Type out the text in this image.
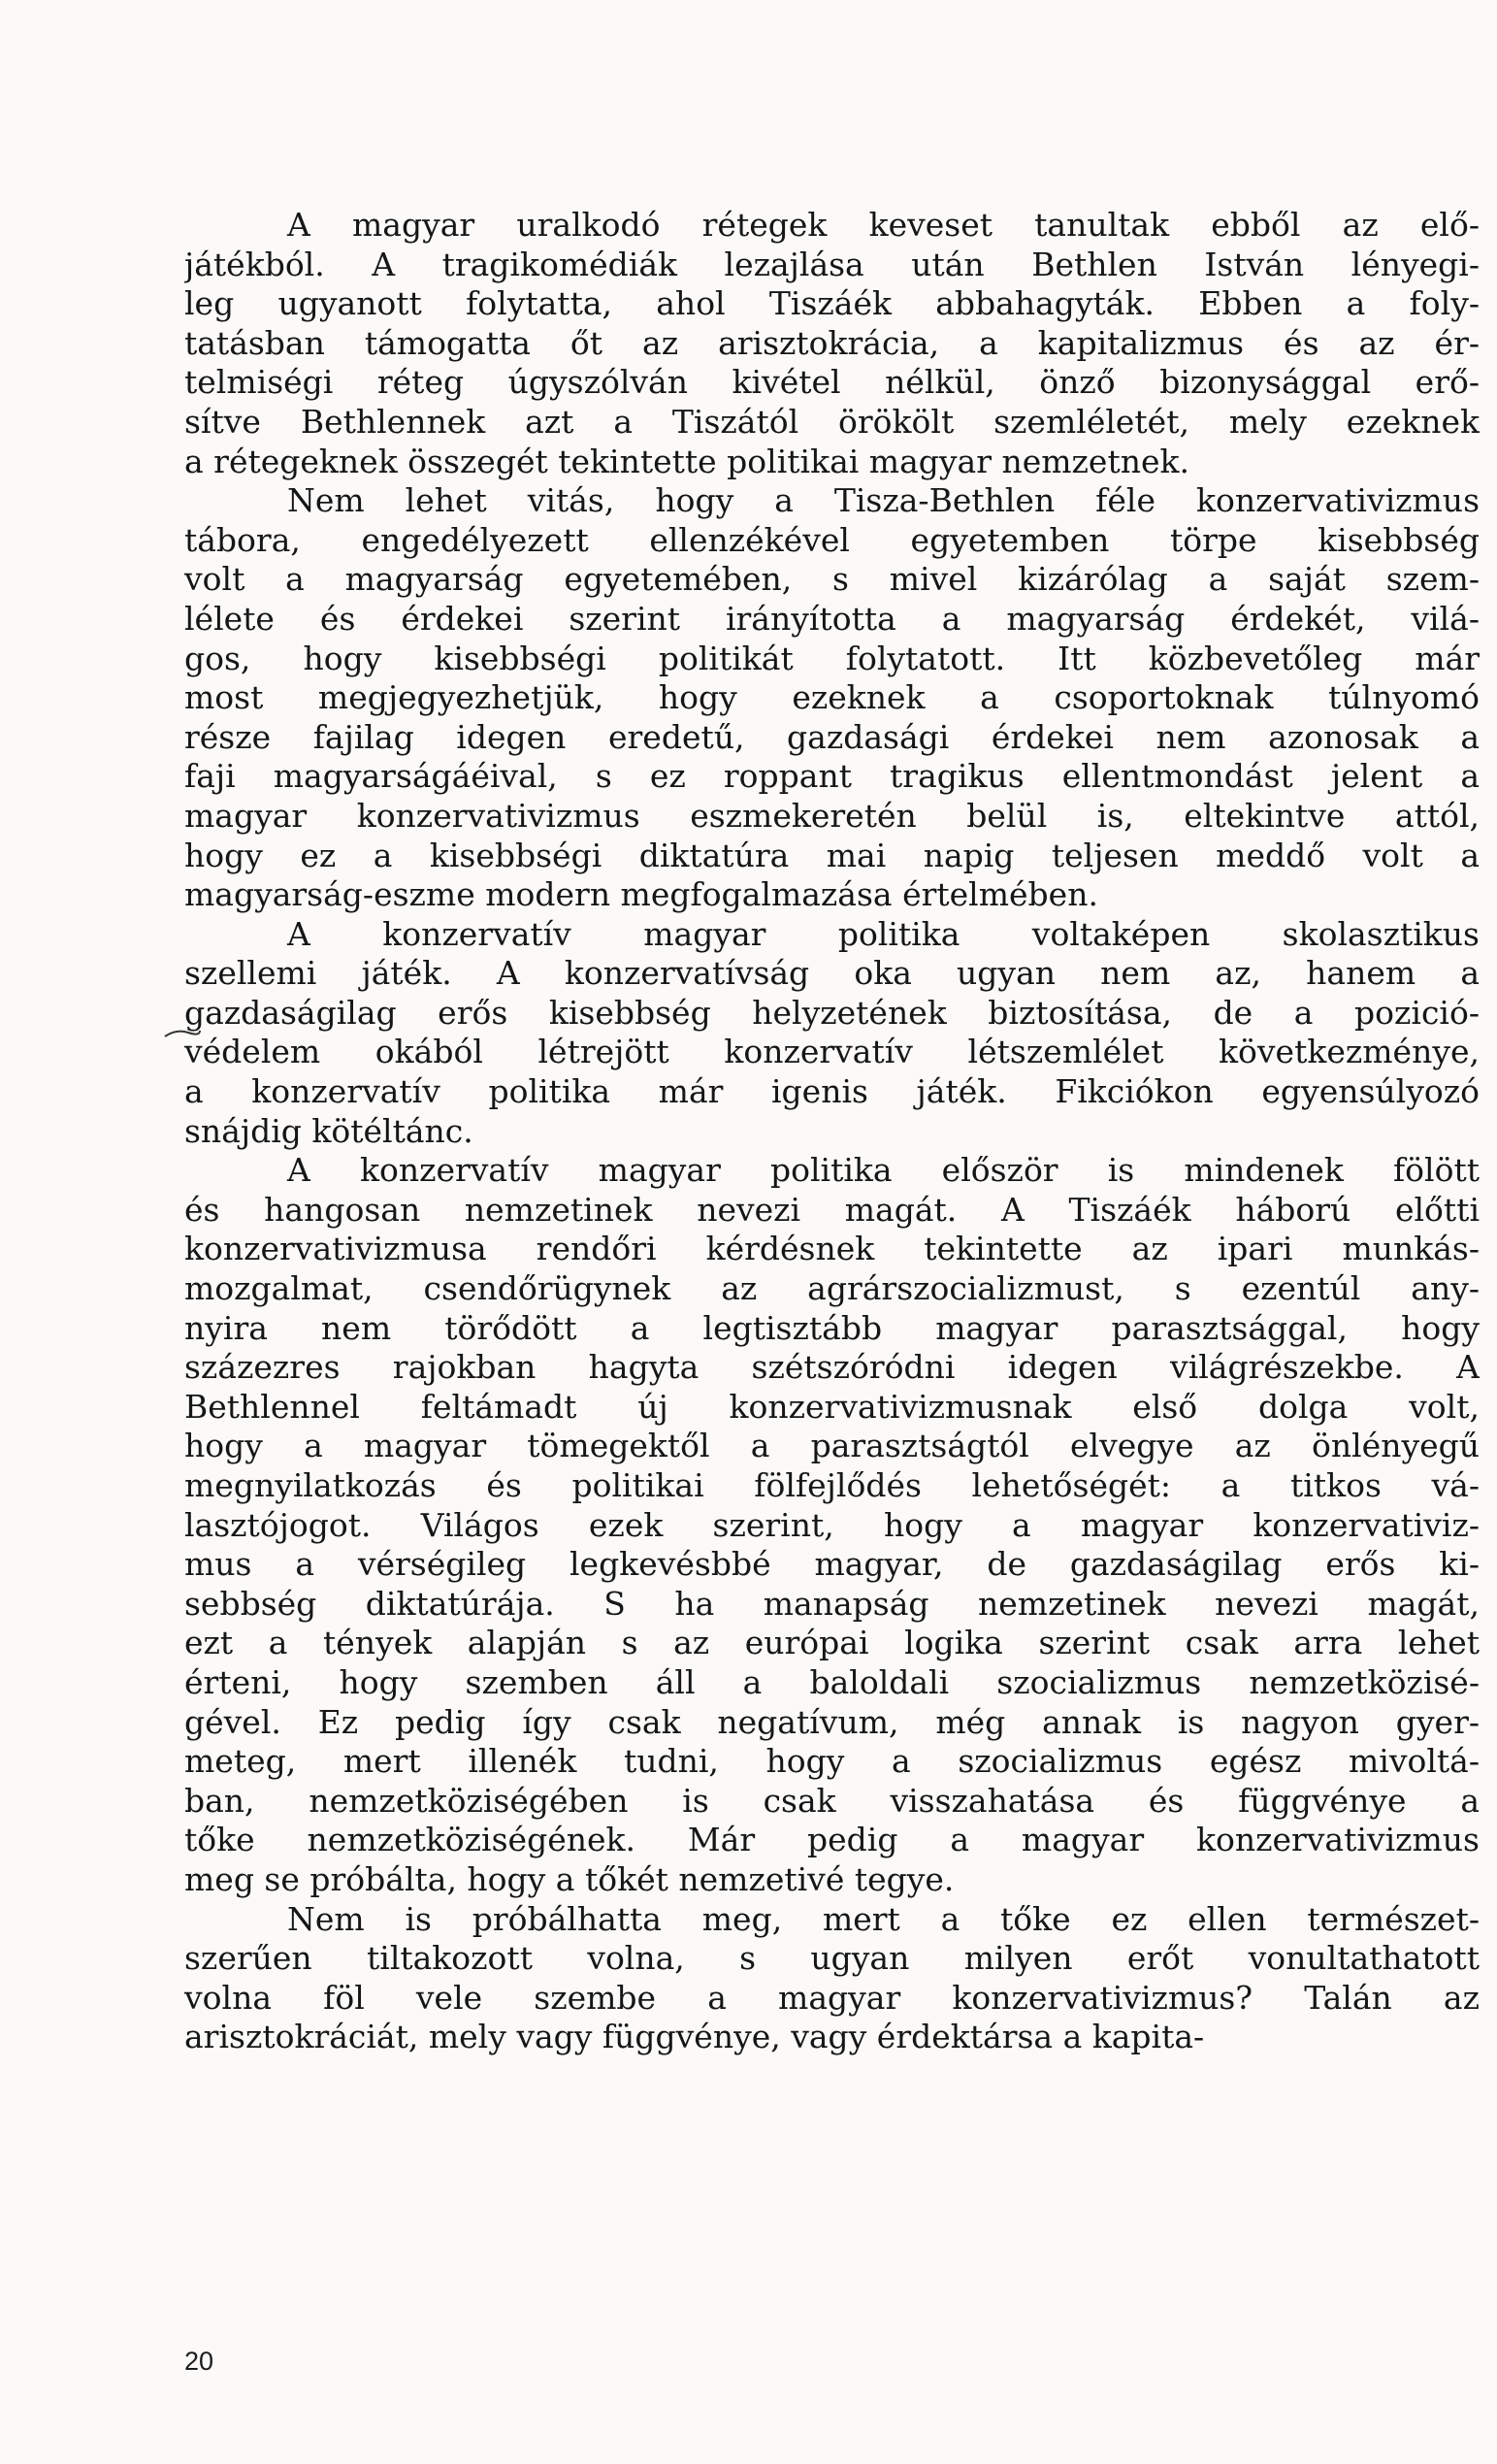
A magyar uralkodó rétegek keveset tanultak ebből az elő-
játékból. A tragikomédiák lezajlása után Bethlen István lényegi-
leg ugyanott folytatta, ahol Tiszáék abbahagyták. Ebben a foly-
tatásban támogatta őt az arisztokrácia, a kapitalizmus és az ér-
telmiségi réteg úgyszólván kivétel nélkül, önző bizonysággal erő-
sítve Bethlennek azt a Tiszától örökölt szemléletét, mely ezeknek
a rétegeknek összegét tekintette politikai magyar nemzetnek.
Nem lehet vitás, hogy a Tisza-Bethlen féle konzervativizmus
tábora, engedélyezett ellenzékével egyetemben törpe kisebbség
volt a magyarság egyetemében, s mivel kizárólag a saját szem-
lélete és érdekei szerint irányította a magyarság érdekét, vilá-
gos, hogy kisebbségi politikát folytatott. Itt közbevetőleg már
most megjegyezhetjük, hogy ezeknek a csoportoknak túlnyomó
része fajilag idegen eredetű, gazdasági érdekei nem azonosak a
faji magyarságáéival, s ez roppant tragikus ellentmondást jelent a
magyar konzervativizmus eszmekeretén belül is, eltekintve attól,
hogy ez a kisebbségi diktatúra mai napig teljesen meddő volt a
magyarság-eszme modern megfogalmazása értelmében.
A konzervatív magyar politika voltaképen skolasztikus
szellemi játék. A konzervatívság oka ugyan nem az, hanem a
gazdaságilag erős kisebbség helyzetének biztosítása, de a pozició-
védelem okából létrejött konzervatív létszemlélet következménye,
a konzervatív politika már igenis játék. Fikciókon egyensúlyozó
snájdig kötéltánc.
A konzervatív magyar politika először is mindenek fölött
és hangosan nemzetinek nevezi magát. A Tiszáék háború előtti
konzervativizmusa rendőri kérdésnek tekintette az ipari munkás-
mozgalmat, csendőrügynek az agrárszocializmust, s ezentúl any-
nyira nem törődött a legtisztább magyar parasztsággal, hogy
százezres rajokban hagyta szétszóródni idegen világrészekbe. A
Bethlennel feltámadt új konzervativizmusnak első dolga volt,
hogy a magyar tömegektől a parasztságtól elvegye az önlényegű
megnyilatkozás és politikai fölfejlődés lehetőségét: a titkos vá-
lasztójogot. Világos ezek szerint, hogy a magyar konzervativiz-
mus a vérségileg legkevésbbé magyar, de gazdaságilag erős ki-
sebbség diktatúrája. S ha manapság nemzetinek nevezi magát,
ezt a tények alapján s az európai logika szerint csak arra lehet
érteni, hogy szemben áll a baloldali szocializmus nemzetközisé-
gével. Ez pedig így csak negatívum, még annak is nagyon gyer-
meteg, mert illenék tudni, hogy a szocializmus egész mivoltá-
ban, nemzetköziségében is csak visszahatása és függvénye a
tőke nemzetköziségének. Már pedig a magyar konzervativizmus
meg se próbálta, hogy a tőkét nemzetivé tegye.
Nem is próbálhatta meg, mert a tőke ez ellen természet-
szerűen tiltakozott volna, s ugyan milyen erőt vonultathatott
volna föl vele szembe a magyar konzervativizmus? Talán az
arisztokráciát, mely vagy függvénye, vagy érdektársa a kapita-
20
